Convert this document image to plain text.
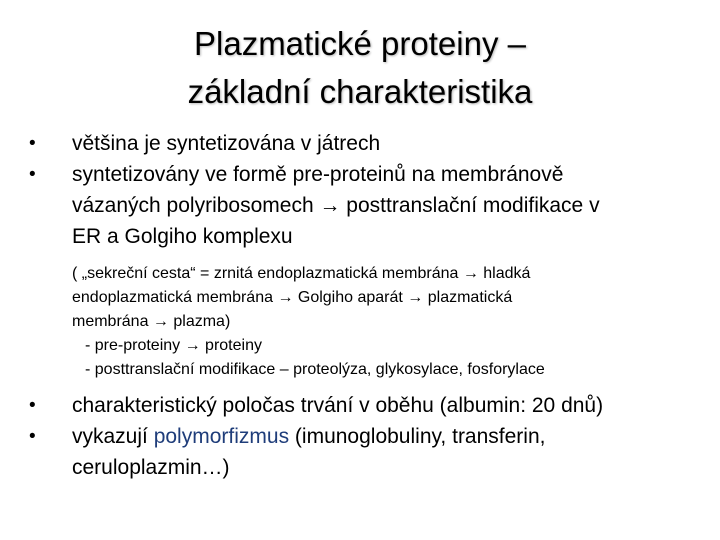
Plazmatické proteiny –
základní charakteristika
• většina je syntetizována v játrech
• syntetizovány ve formě pre-proteinů na membránově
vázaných polyribosomech → posttranslační modifikace v
ER a Golgiho komplexu
( „sekreční cesta“ = zrnitá endoplazmatická membrána → hladká
endoplazmatická membrána → Golgiho aparát → plazmatická
membrána → plazma)
- pre-proteiny → proteiny
- posttranslační modifikace – proteolýza, glykosylace, fosforylace
• charakteristický poločas trvání v oběhu (albumin: 20 dnů)
• vykazují polymorfizmus (imunoglobuliny, transferin,
ceruloplazmin…)
